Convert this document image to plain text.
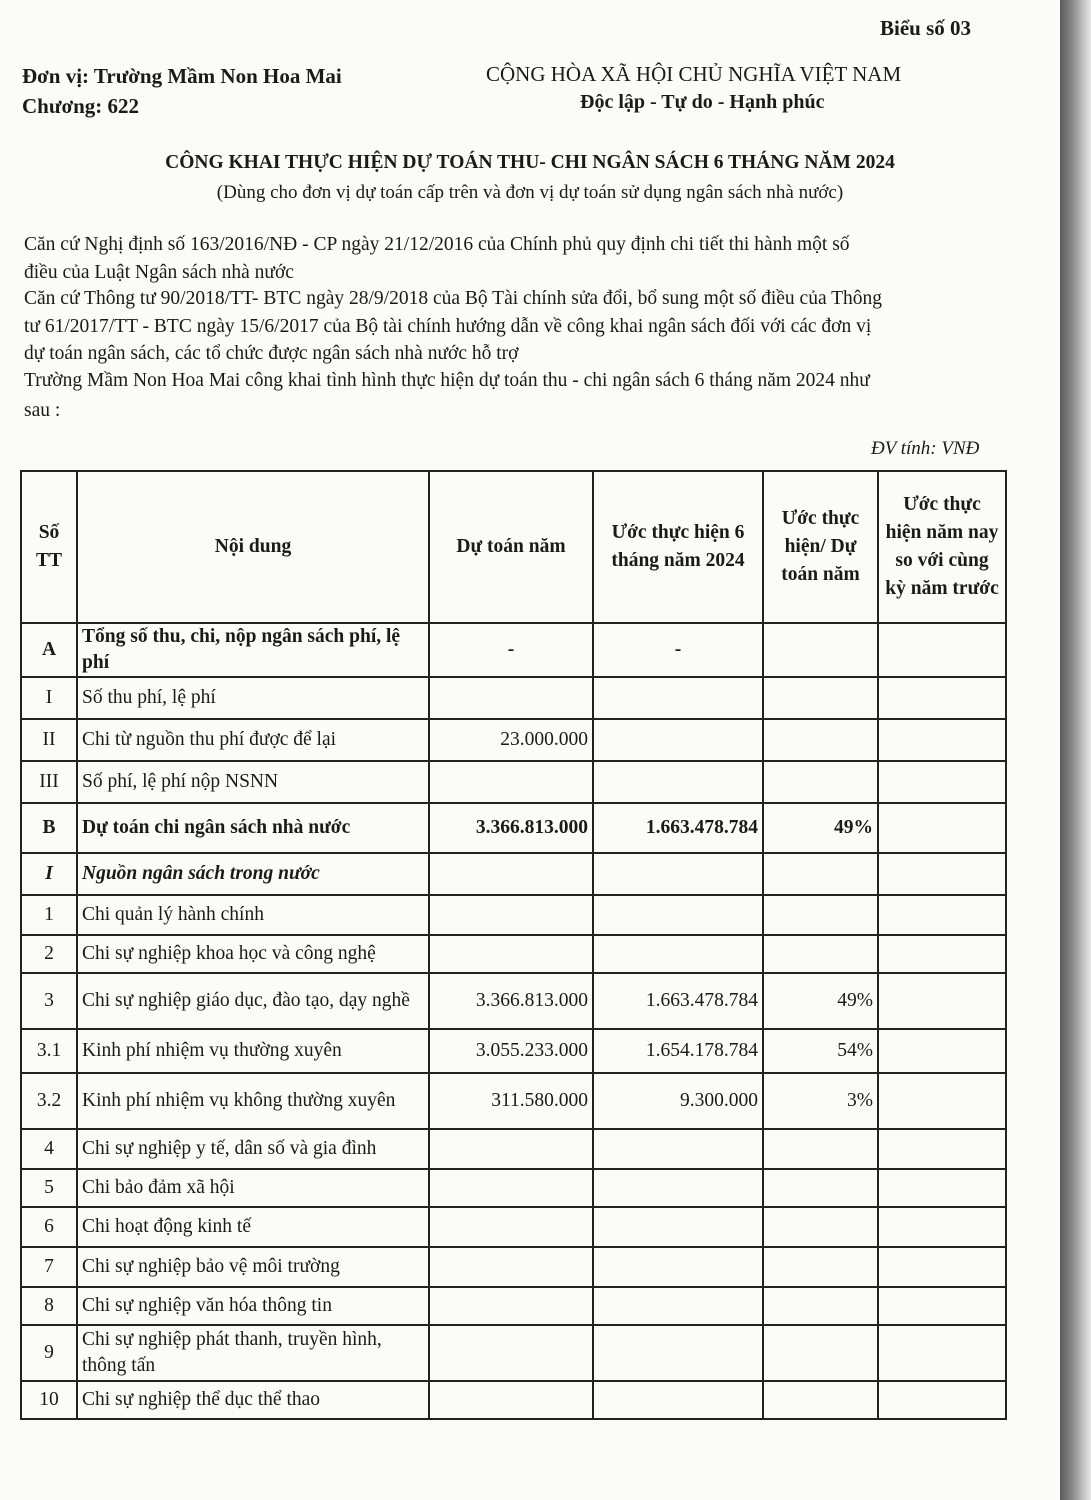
Biểu số 03
Đơn vị: Trường Mầm Non Hoa Mai
Chương: 622
CỘNG HÒA XÃ HỘI CHỦ NGHĨA VIỆT NAM
Độc lập - Tự do - Hạnh phúc
CÔNG KHAI THỰC HIỆN DỰ TOÁN THU- CHI NGÂN SÁCH 6 THÁNG NĂM 2024
(Dùng cho đơn vị dự toán cấp trên và đơn vị dự toán sử dụng ngân sách nhà nước)
Căn cứ Nghị định số 163/2016/NĐ - CP ngày 21/12/2016 của Chính phủ quy định chi tiết thi hành một số
điều của Luật Ngân sách nhà nước
Căn cứ Thông tư 90/2018/TT- BTC ngày 28/9/2018 của Bộ Tài chính sửa đổi, bổ sung một số điều của Thông
tư 61/2017/TT - BTC ngày 15/6/2017 của Bộ tài chính hướng dẫn về công khai ngân sách đối với các đơn vị
dự toán ngân sách, các tổ chức được ngân sách nhà nước hỗ trợ
Trường Mầm Non Hoa Mai công khai tình hình thực hiện dự toán thu - chi ngân sách 6 tháng năm 2024 như
sau :
ĐV tính: VNĐ
Số TT	Nội dung	Dự toán năm	Ước thực hiện 6 tháng năm 2024	Ước thực hiện/ Dự toán năm	Ước thực hiện năm nay so với cùng kỳ năm trước
A	Tổng số thu, chi, nộp ngân sách phí, lệ phí	-	-		
I	Số thu phí, lệ phí				
II	Chi từ nguồn thu phí được để lại	23.000.000			
III	Số phí, lệ phí nộp NSNN				
B	Dự toán chi ngân sách nhà nước	3.366.813.000	1.663.478.784	49%	
I	Nguồn ngân sách trong nước				
1	Chi quản lý hành chính				
2	Chi sự nghiệp khoa học và công nghệ				
3	Chi sự nghiệp giáo dục, đào tạo, dạy nghề	3.366.813.000	1.663.478.784	49%	
3.1	Kinh phí nhiệm vụ thường xuyên	3.055.233.000	1.654.178.784	54%	
3.2	Kinh phí nhiệm vụ không thường xuyên	311.580.000	9.300.000	3%	
4	Chi sự nghiệp y tế, dân số và gia đình				
5	Chi bảo đảm xã hội				
6	Chi hoạt động kinh tế				
7	Chi sự nghiệp bảo vệ môi trường				
8	Chi sự nghiệp văn hóa thông tin				
9	Chi sự nghiệp phát thanh, truyền hình, thông tấn				
10	Chi sự nghiệp thể dục thể thao				
